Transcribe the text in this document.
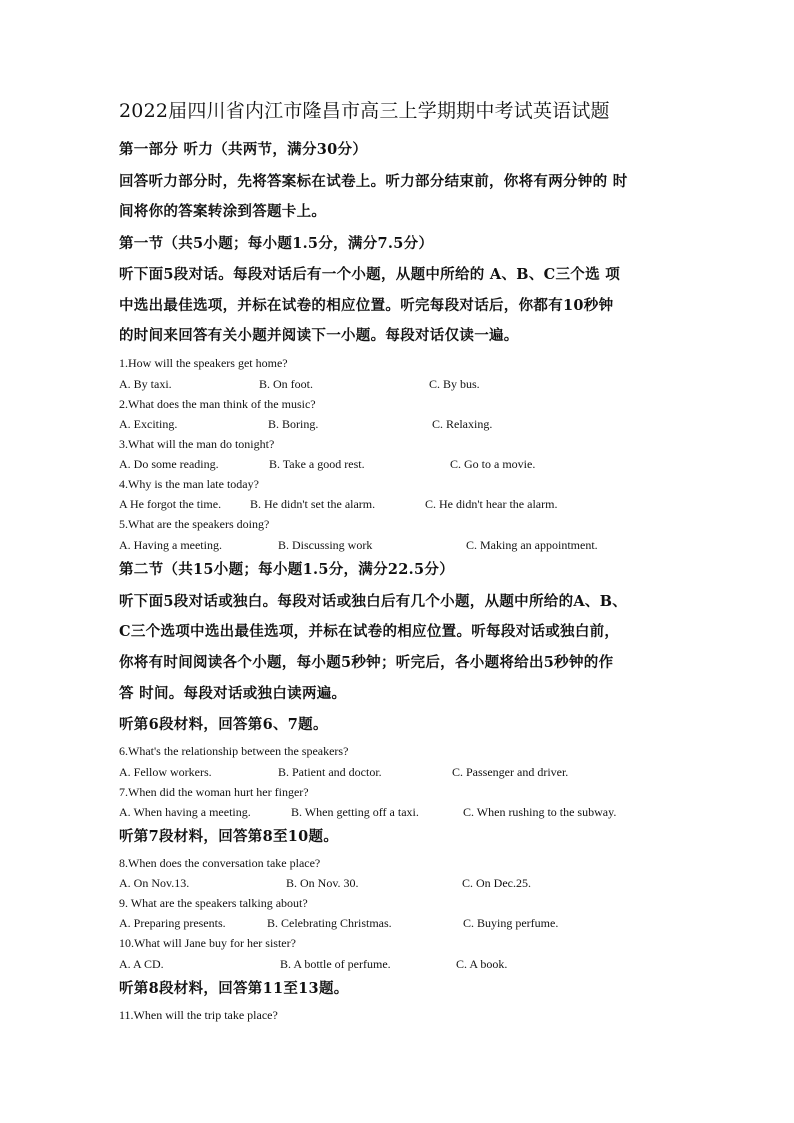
2022届四川省内江市隆昌市高三上学期期中考试英语试题
第一部分 听力（共两节，满分30分）
回答听力部分时，先将答案标在试卷上。听力部分结束前，你将有两分钟的 时
间将你的答案转涂到答题卡上。
第一节（共5小题；每小题1.5分，满分7.5分）
听下面5段对话。每段对话后有一个小题，从题中所给的 A、B、C三个选 项
中选出最佳选项，并标在试卷的相应位置。听完每段对话后，你都有10秒钟
的时间来回答有关小题并阅读下一小题。每段对话仅读一遍。
1.How will the speakers get home?
A. By taxi.	B. On foot.	C. By bus.
2.What does the man think of the music?
A. Exciting.	B. Boring.	C. Relaxing.
3.What will the man do tonight?
A. Do some reading.	B. Take a good rest.	C. Go to a movie.
4.Why is the man late today?
A He forgot the time. B. He didn't set the alarm.	C. He didn't hear the alarm.
5.What are the speakers doing?
A. Having a meeting.	B. Discussing work	C. Making an appointment.
第二节（共15小题；每小题1.5分，满分22.5分）
听下面5段对话或独白。每段对话或独白后有几个小题，从题中所给的A、B、
C三个选项中选出最佳选项，并标在试卷的相应位置。听每段对话或独白前，
你将有时间阅读各个小题，每小题5秒钟；听完后，各小题将给出5秒钟的作
答 时间。每段对话或独白读两遍。
听第6段材料，回答第6、7题。
6.What's the relationship between the speakers?
A. Fellow workers.	B. Patient and doctor.	C. Passenger and driver.
7.When did the woman hurt her finger?
A. When having a meeting.	B. When getting off a taxi.	C. When rushing to the subway.
听第7段材料，回答第8至10题。
8.When does the conversation take place?
A. On Nov.13.	B. On Nov. 30.	C. On Dec.25.
9. What are the speakers talking about?
A. Preparing presents.	B. Celebrating Christmas.	C. Buying perfume.
10.What will Jane buy for her sister?
A. A CD.	B. A bottle of perfume.	C. A book.
听第8段材料，回答第11至13题。
11.When will the trip take place?
